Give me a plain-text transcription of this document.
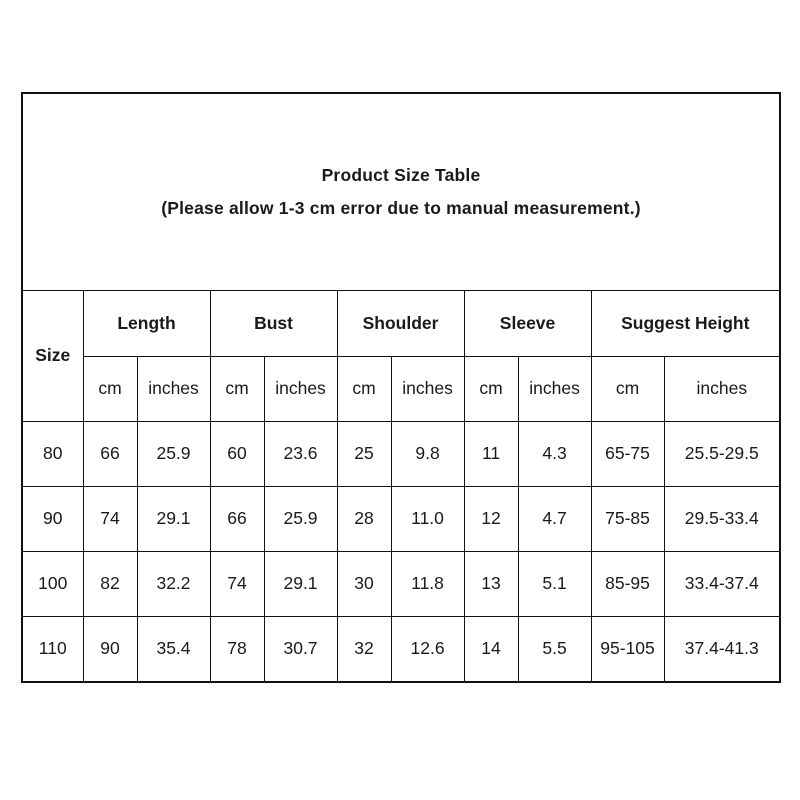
Product Size Table
(Please allow 1-3 cm error due to manual measurement.)
Size	Length		Bust		Shoulder		Sleeve		Suggest Height	
	cm	inches	cm	inches	cm	inches	cm	inches	cm	inches
80	66	25.9	60	23.6	25	9.8	11	4.3	65-75	25.5-29.5
90	74	29.1	66	25.9	28	11.0	12	4.7	75-85	29.5-33.4
100	82	32.2	74	29.1	30	11.8	13	5.1	85-95	33.4-37.4
110	90	35.4	78	30.7	32	12.6	14	5.5	95-105	37.4-41.3
